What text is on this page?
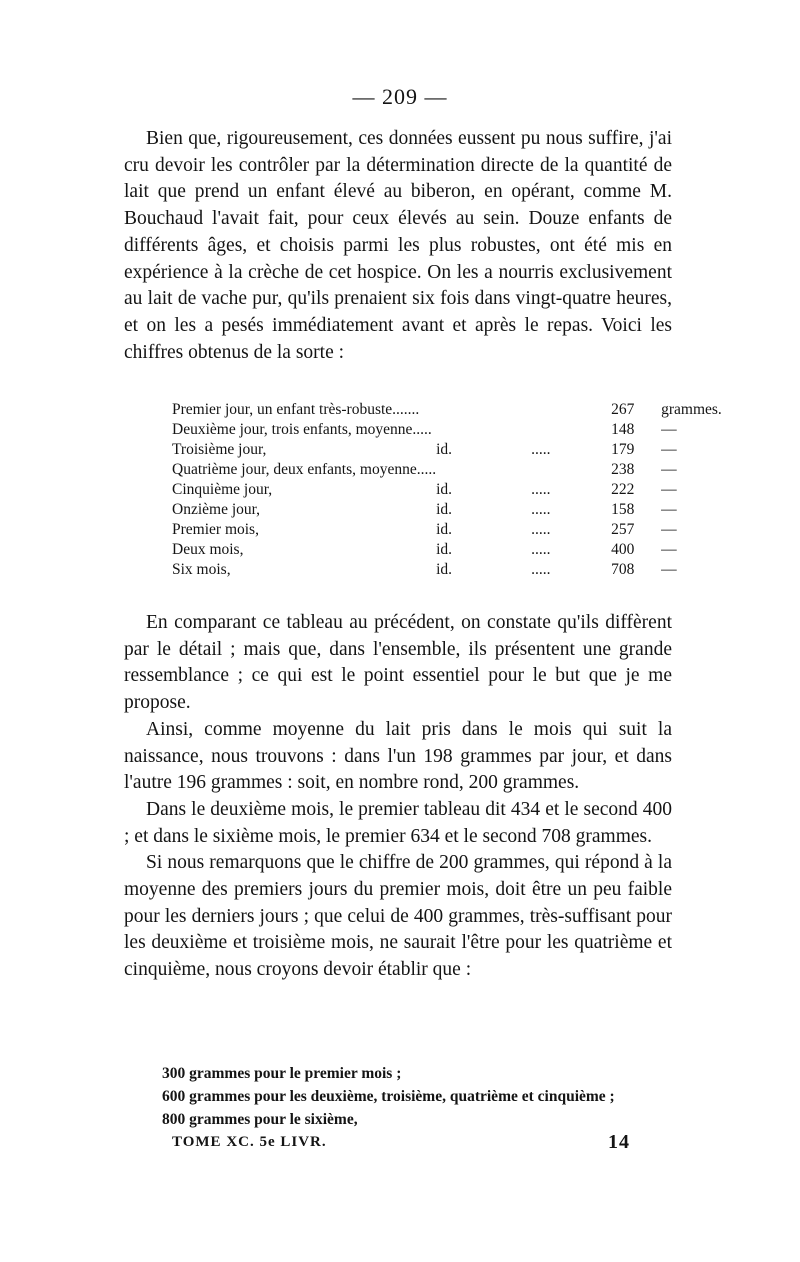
— 209 —

Bien que, rigoureusement, ces données eussent pu nous suffire, j'ai cru devoir les contrôler par la détermination directe de la quantité de lait que prend un enfant élevé au biberon, en opérant, comme M. Bouchaud l'avait fait, pour ceux élevés au sein. Douze enfants de différents âges, et choisis parmi les plus robustes, ont été mis en expérience à la crèche de cet hospice. On les a nourris exclusivement au lait de vache pur, qu'ils prenaient six fois dans vingt-quatre heures, et on les a pesés immédiatement avant et après le repas. Voici les chiffres obtenus de la sorte :

Premier jour, un enfant très-robuste.......			267	grammes.
Deuxième jour, trois enfants, moyenne.....			148	—
Troisième jour,	id.	.....	179	—
Quatrième jour, deux enfants, moyenne.....			238	—
Cinquième jour,	id.	.....	222	—
Onzième jour,	id.	.....	158	—
Premier mois,	id.	.....	257	—
Deux mois,	id.	.....	400	—
Six mois,	id.	.....	708	—

En comparant ce tableau au précédent, on constate qu'ils diffèrent par le détail ; mais que, dans l'ensemble, ils présentent une grande ressemblance ; ce qui est le point essentiel pour le but que je me propose.

Ainsi, comme moyenne du lait pris dans le mois qui suit la naissance, nous trouvons : dans l'un 198 grammes par jour, et dans l'autre 196 grammes : soit, en nombre rond, 200 grammes.

Dans le deuxième mois, le premier tableau dit 434 et le second 400 ; et dans le sixième mois, le premier 634 et le second 708 grammes.

Si nous remarquons que le chiffre de 200 grammes, qui répond à la moyenne des premiers jours du premier mois, doit être un peu faible pour les derniers jours ; que celui de 400 grammes, très-suffisant pour les deuxième et troisième mois, ne saurait l'être pour les quatrième et cinquième, nous croyons devoir établir que :

300 grammes pour le premier mois ;
600 grammes pour les deuxième, troisième, quatrième et cinquième ;
800 grammes pour le sixième,
TOME XC. 5e LIVR.	14
